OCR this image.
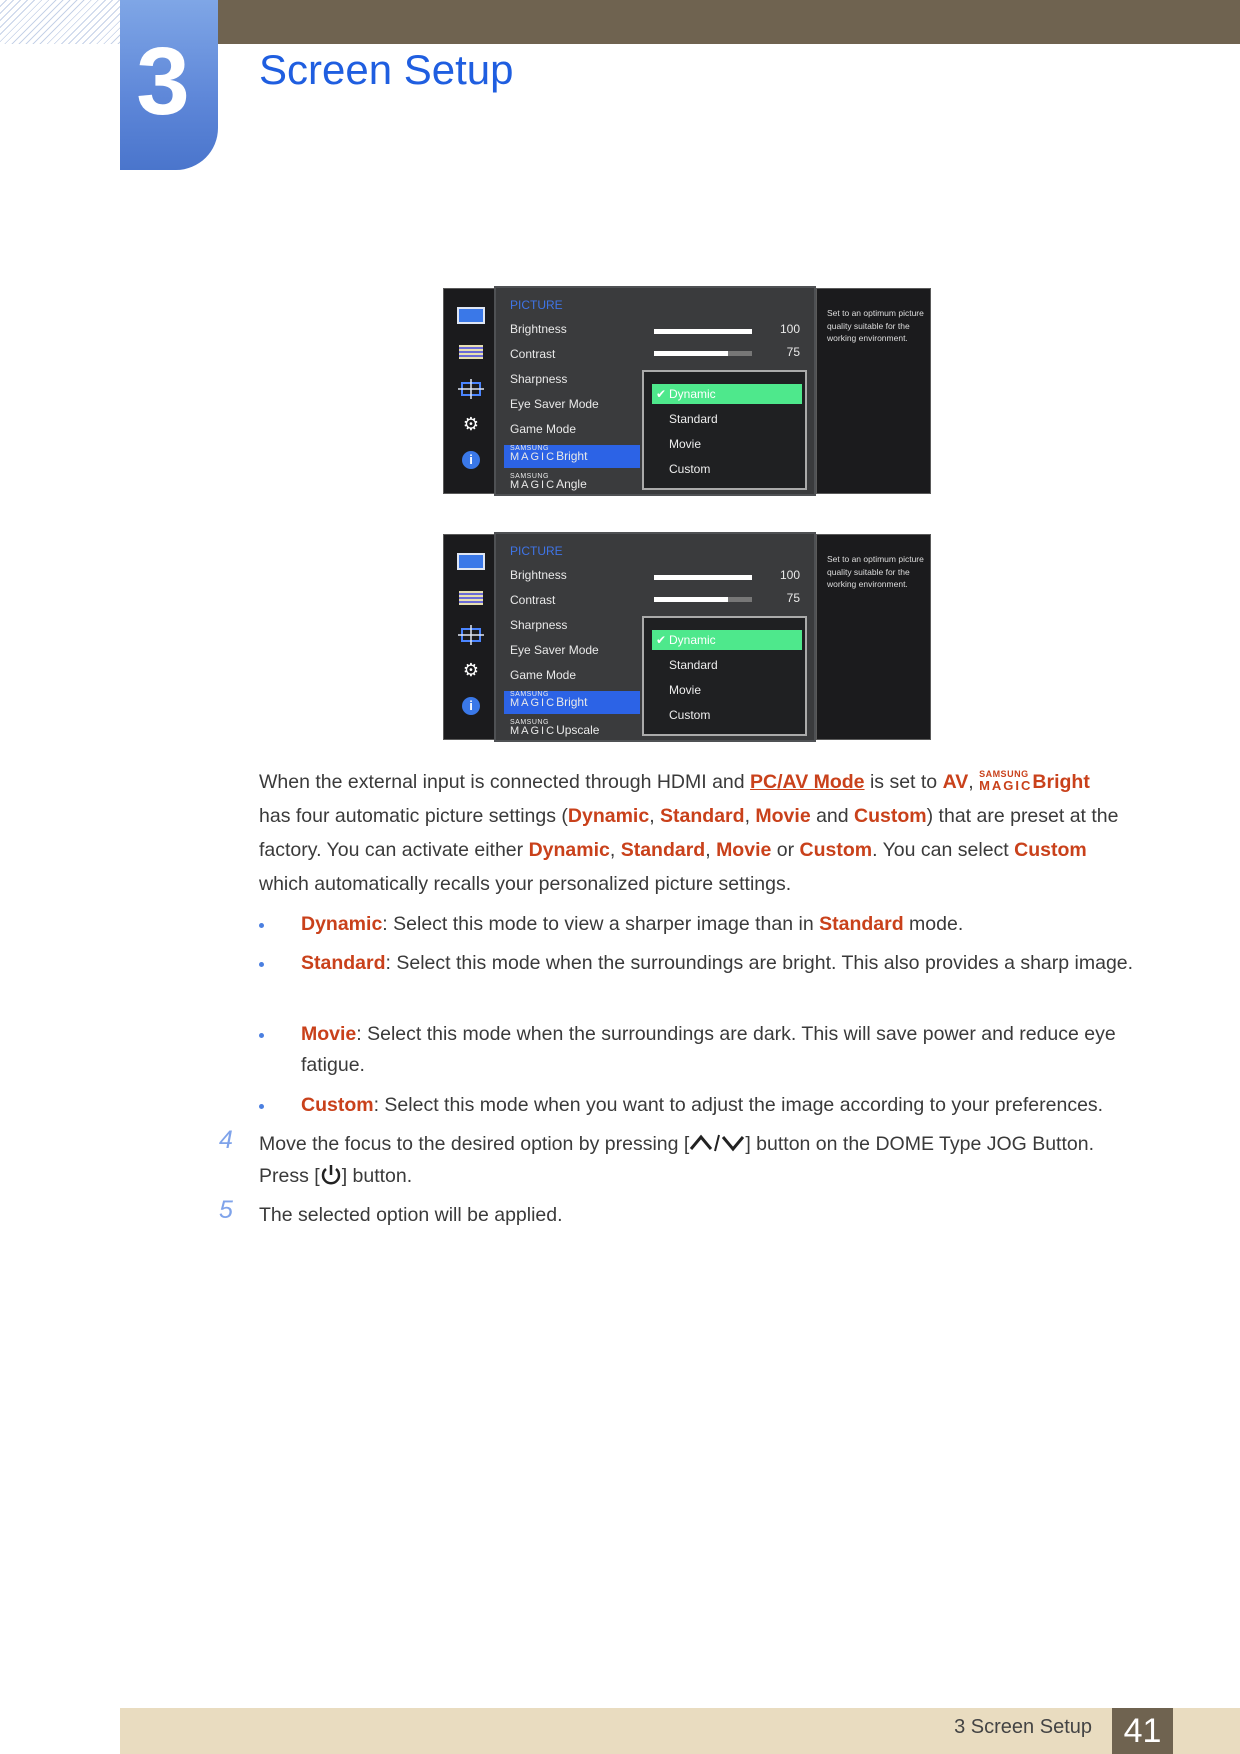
3	Screen Setup
⚙
i
PICTURE
Brightness
Contrast
Sharpness
Eye Saver Mode
Game Mode
SAMSUNG
MAGIC Bright
SAMSUNG
MAGIC Angle
100
75
✔ Dynamic
Standard
Movie
Custom
Set to an optimum picture quality suitable for the working environment.
⚙
i
PICTURE
Brightness
Contrast
Sharpness
Eye Saver Mode
Game Mode
SAMSUNG
MAGIC Bright
SAMSUNG
MAGIC Upscale
100
75
✔ Dynamic
Standard
Movie
Custom
Set to an optimum picture quality suitable for the working environment.
When the external input is connected through HDMI and PC/AV Mode is set to AV, SAMSUNG
MAGIC Bright
has four automatic picture settings (Dynamic, Standard, Movie and Custom) that are preset at the
factory. You can activate either Dynamic, Standard, Movie or Custom. You can select Custom
which automatically recalls your personalized picture settings.
Dynamic: Select this mode to view a sharper image than in Standard mode.
Standard: Select this mode when the surroundings are bright. This also provides a sharp image.
Movie: Select this mode when the surroundings are dark. This will save power and reduce eye fatigue.
Custom: Select this mode when you want to adjust the image according to your preferences.
4 Move the focus to the desired option by pressing [	] button on the DOME Type JOG Button.
Press [ ] button.
5 The selected option will be applied.
3 Screen Setup 41
